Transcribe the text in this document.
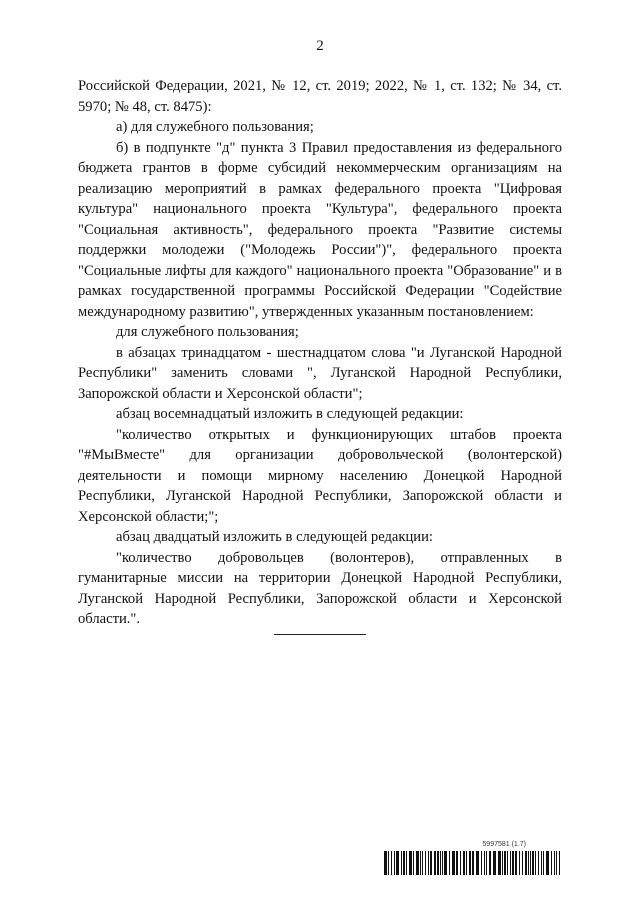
2

Российской Федерации, 2021, № 12, ст. 2019; 2022, № 1, ст. 132; № 34, ст. 5970; № 48, ст. 8475):

а) для служебного пользования;

б) в подпункте "д" пункта 3 Правил предоставления из федерального бюджета грантов в форме субсидий некоммерческим организациям на реализацию мероприятий в рамках федерального проекта "Цифровая культура" национального проекта "Культура", федерального проекта "Социальная активность", федерального проекта "Развитие системы поддержки молодежи ("Молодежь России")", федерального проекта "Социальные лифты для каждого" национального проекта "Образование" и в рамках государственной программы Российской Федерации "Содействие международному развитию", утвержденных указанным постановлением:

для служебного пользования;

в абзацах тринадцатом - шестнадцатом слова "и Луганской Народной Республики" заменить словами ", Луганской Народной Республики, Запорожской области и Херсонской области";

абзац восемнадцатый изложить в следующей редакции:

"количество открытых и функционирующих штабов проекта "#МыВместе" для организации добровольческой (волонтерской) деятельности и помощи мирному населению Донецкой Народной Республики, Луганской Народной Республики, Запорожской области и Херсонской области;";

абзац двадцатый изложить в следующей редакции:

"количество добровольцев (волонтеров), отправленных в гуманитарные миссии на территории Донецкой Народной Республики, Луганской Народной Республики, Запорожской области и Херсонской области.".

5997581 (1.7)
